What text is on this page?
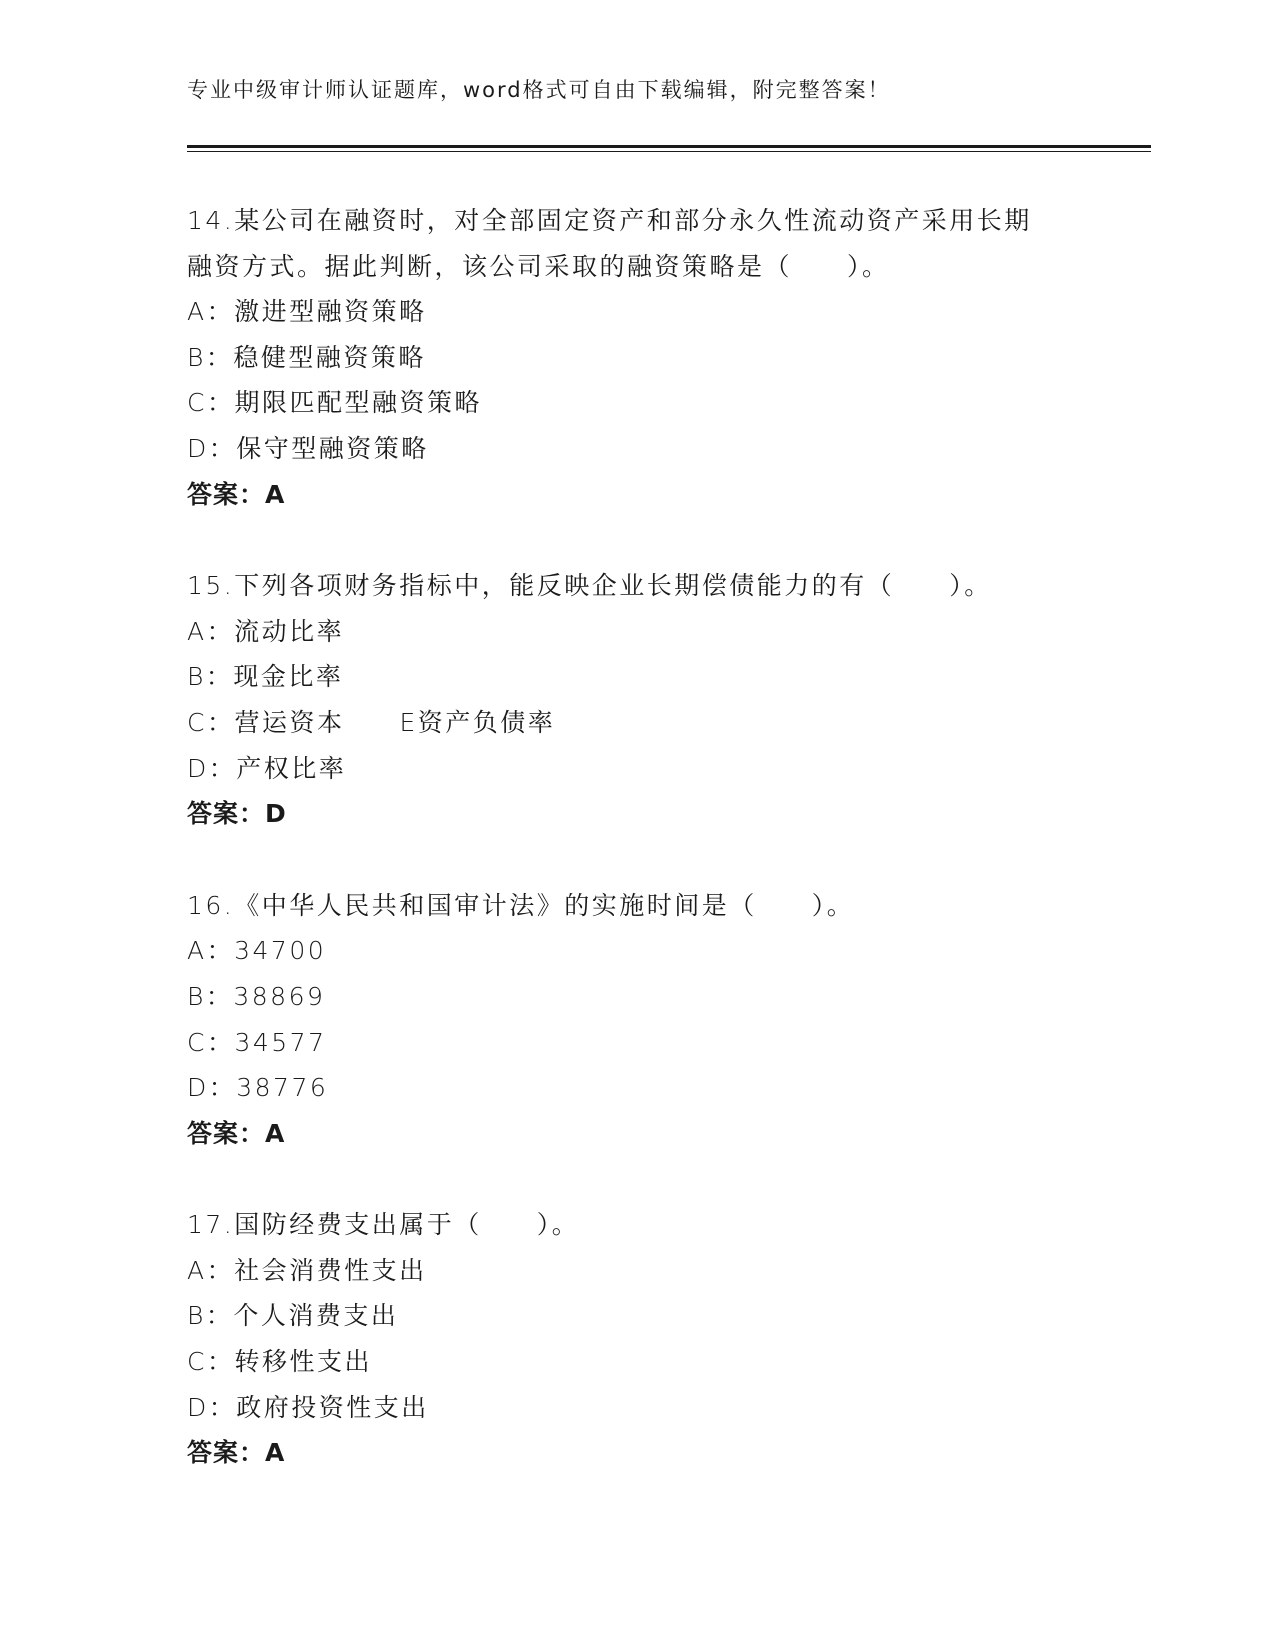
专业中级审计师认证题库，word格式可自由下载编辑，附完整答案！
14.某公司在融资时，对全部固定资产和部分永久性流动资产采用长期
融资方式。据此判断，该公司采取的融资策略是（　　）。
A：激进型融资策略
B：稳健型融资策略
C：期限匹配型融资策略
D：保守型融资策略
答案：A
15.下列各项财务指标中，能反映企业长期偿债能力的有（　　）。
A：流动比率
B：现金比率
C：营运资本　　E资产负债率
D：产权比率
答案：D
16.《中华人民共和国审计法》的实施时间是（　　）。
A：34700
B：38869
C：34577
D：38776
答案：A
17.国防经费支出属于（　　）。
A：社会消费性支出
B：个人消费支出
C：转移性支出
D：政府投资性支出
答案：A
